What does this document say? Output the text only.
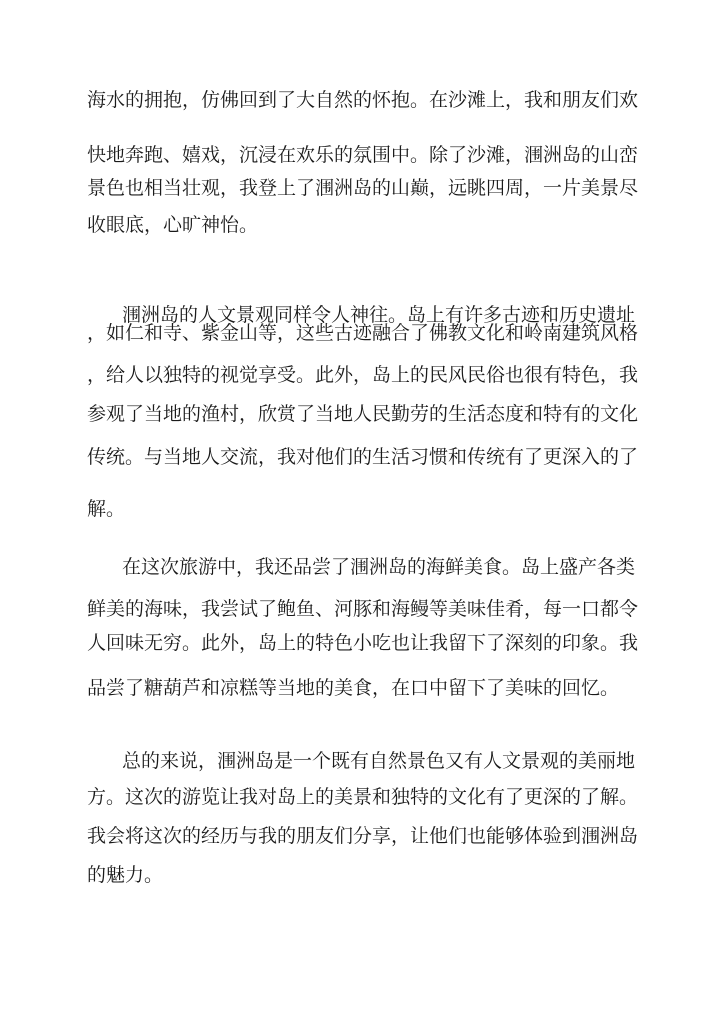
海水的拥抱，仿佛回到了大自然的怀抱。在沙滩上，我和朋友们欢
快地奔跑、嬉戏，沉浸在欢乐的氛围中。除了沙滩，涠洲岛的山峦
景色也相当壮观，我登上了涠洲岛的山巅，远眺四周，一片美景尽
收眼底，心旷神怡。
涠洲岛的人文景观同样令人神往。岛上有许多古迹和历史遗址
，如仁和寺、紫金山等，这些古迹融合了佛教文化和岭南建筑风格
，给人以独特的视觉享受。此外，岛上的民风民俗也很有特色，我
参观了当地的渔村，欣赏了当地人民勤劳的生活态度和特有的文化
传统。与当地人交流，我对他们的生活习惯和传统有了更深入的了
解。
在这次旅游中，我还品尝了涠洲岛的海鲜美食。岛上盛产各类
鲜美的海味，我尝试了鲍鱼、河豚和海鳗等美味佳肴，每一口都令
人回味无穷。此外，岛上的特色小吃也让我留下了深刻的印象。我
品尝了糖葫芦和凉糕等当地的美食，在口中留下了美味的回忆。
总的来说，涠洲岛是一个既有自然景色又有人文景观的美丽地
方。这次的游览让我对岛上的美景和独特的文化有了更深的了解。
我会将这次的经历与我的朋友们分享，让他们也能够体验到涠洲岛
的魅力。
